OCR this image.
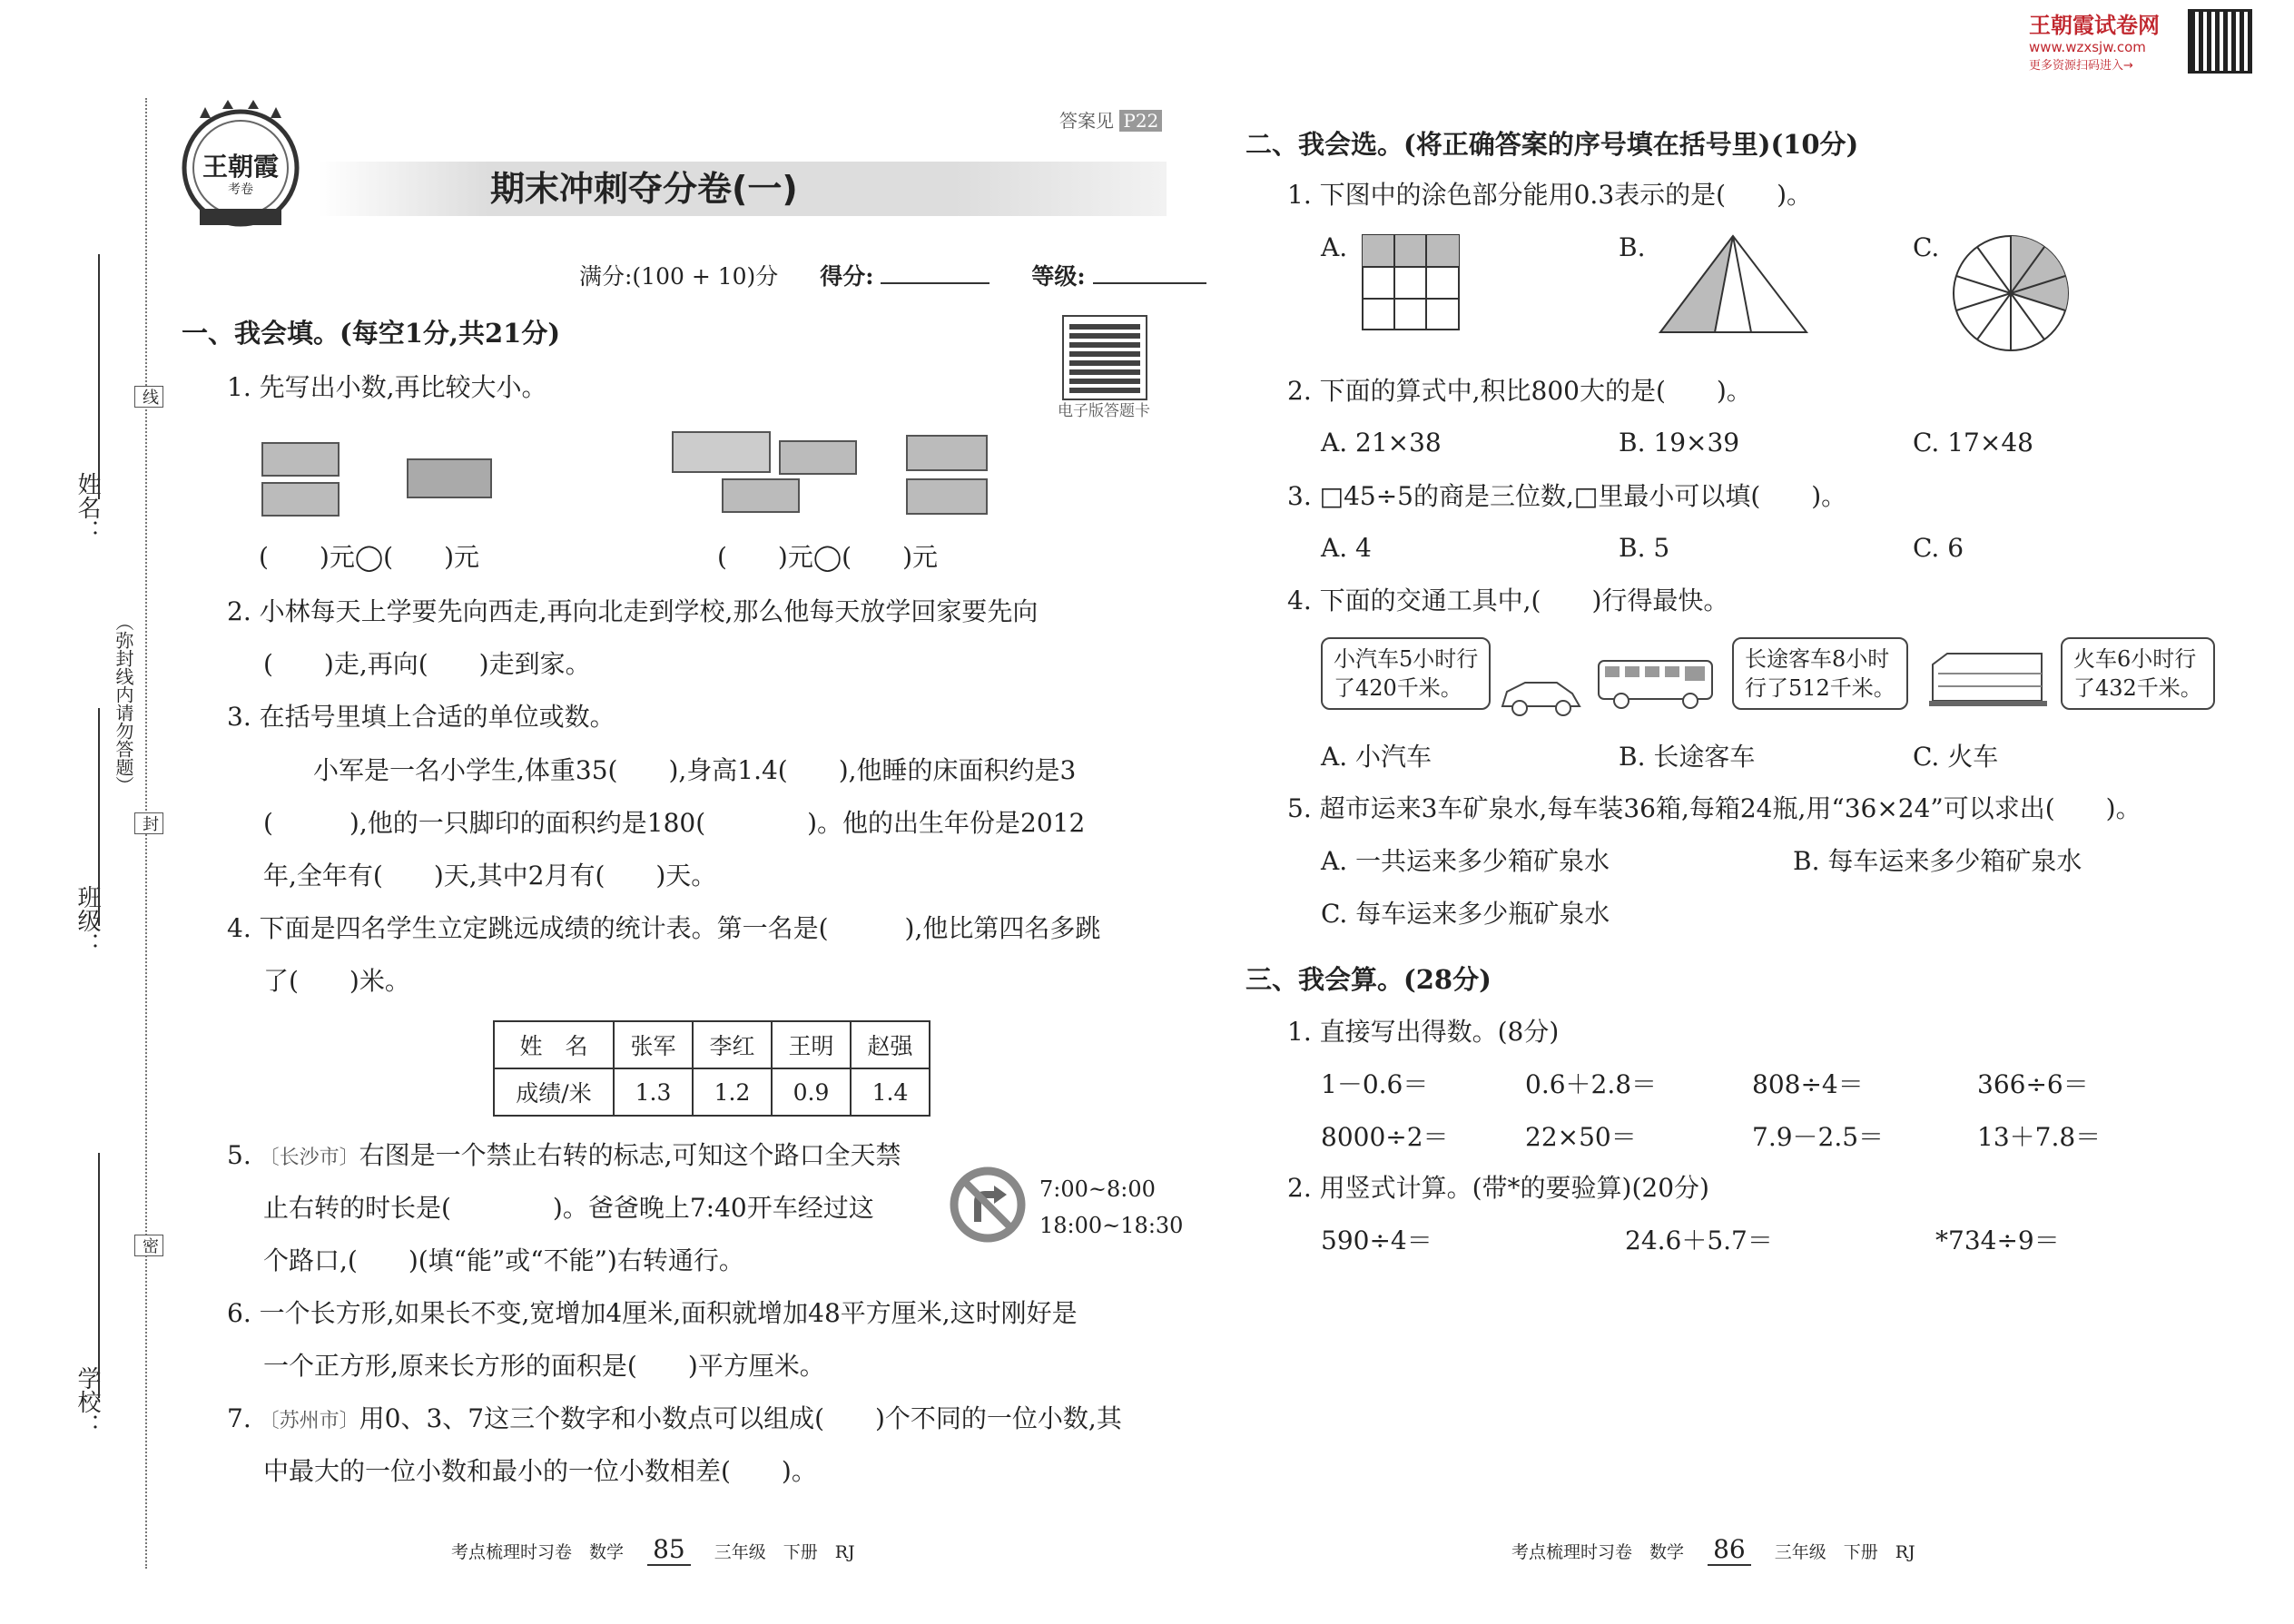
姓名：
班级：
学校：
（弥封线内请勿答题）
线
封
密
王朝霞
考卷	期末冲刺夺分卷(一)
答案见 P22
满分:(100 + 10)分 得分:	等级:
电子版答题卡
一、我会填。(每空1分,共21分)
1. 先写出小数,再比较大小。
(　　)元◯(　　)元	(　　)元◯(　　)元
2. 小林每天上学要先向西走,再向北走到学校,那么他每天放学回家要先向
(　　)走,再向(　　)走到家。
3. 在括号里填上合适的单位或数。
小军是一名小学生,体重35(　　),身高1.4(　　),他睡的床面积约是3
(　　　),他的一只脚印的面积约是180(　　　　)。他的出生年份是2012
年,全年有(　　)天,其中2月有(　　)天。
4. 下面是四名学生立定跳远成绩的统计表。第一名是(　　　),他比第四名多跳
了(　　)米。
姓　名	张军	李红	王明	赵强
成绩/米	1.3	1.2	0.9	1.4
5. 〔长沙市〕右图是一个禁止右转的标志,可知这个路口全天禁
止右转的时长是(　　　　)。爸爸晚上7:40开车经过这
个路口,(　　)(填“能”或“不能”)右转通行。
7:00~8:00
18:00~18:30
6. 一个长方形,如果长不变,宽增加4厘米,面积就增加48平方厘米,这时刚好是
一个正方形,原来长方形的面积是(　　)平方厘米。
7. 〔苏州市〕用0、3、7这三个数字和小数点可以组成(　　)个不同的一位小数,其
中最大的一位小数和最小的一位小数相差(　　)。
考点梳理时习卷　数学 85 三年级　下册　RJ
王朝霞试卷网
www.wzxsjw.com
更多资源扫码进入→
二、我会选。(将正确答案的序号填在括号里)(10分)
1. 下图中的涂色部分能用0.3表示的是(　　)。
A.	B.	C.
2. 下面的算式中,积比800大的是(　　)。
A. 21×38	B. 19×39	C. 17×48
3. □45÷5的商是三位数,□里最小可以填(　　)。
A. 4	B. 5	C. 6
4. 下面的交通工具中,(　　)行得最快。
小汽车5小时行
了420千米。
长途客车8小时
行了512千米。
火车6小时行
了432千米。
A. 小汽车	B. 长途客车	C. 火车
5. 超市运来3车矿泉水,每车装36箱,每箱24瓶,用“36×24”可以求出(　　)。
A. 一共运来多少箱矿泉水	B. 每车运来多少箱矿泉水
C. 每车运来多少瓶矿泉水
三、我会算。(28分)
1. 直接写出得数。(8分)
1－0.6＝	0.6＋2.8＝	808÷4＝	366÷6＝
8000÷2＝	22×50＝	7.9－2.5＝	13＋7.8＝
2. 用竖式计算。(带*的要验算)(20分)
590÷4＝	24.6＋5.7＝	*734÷9＝
考点梳理时习卷　数学 86 三年级　下册　RJ
